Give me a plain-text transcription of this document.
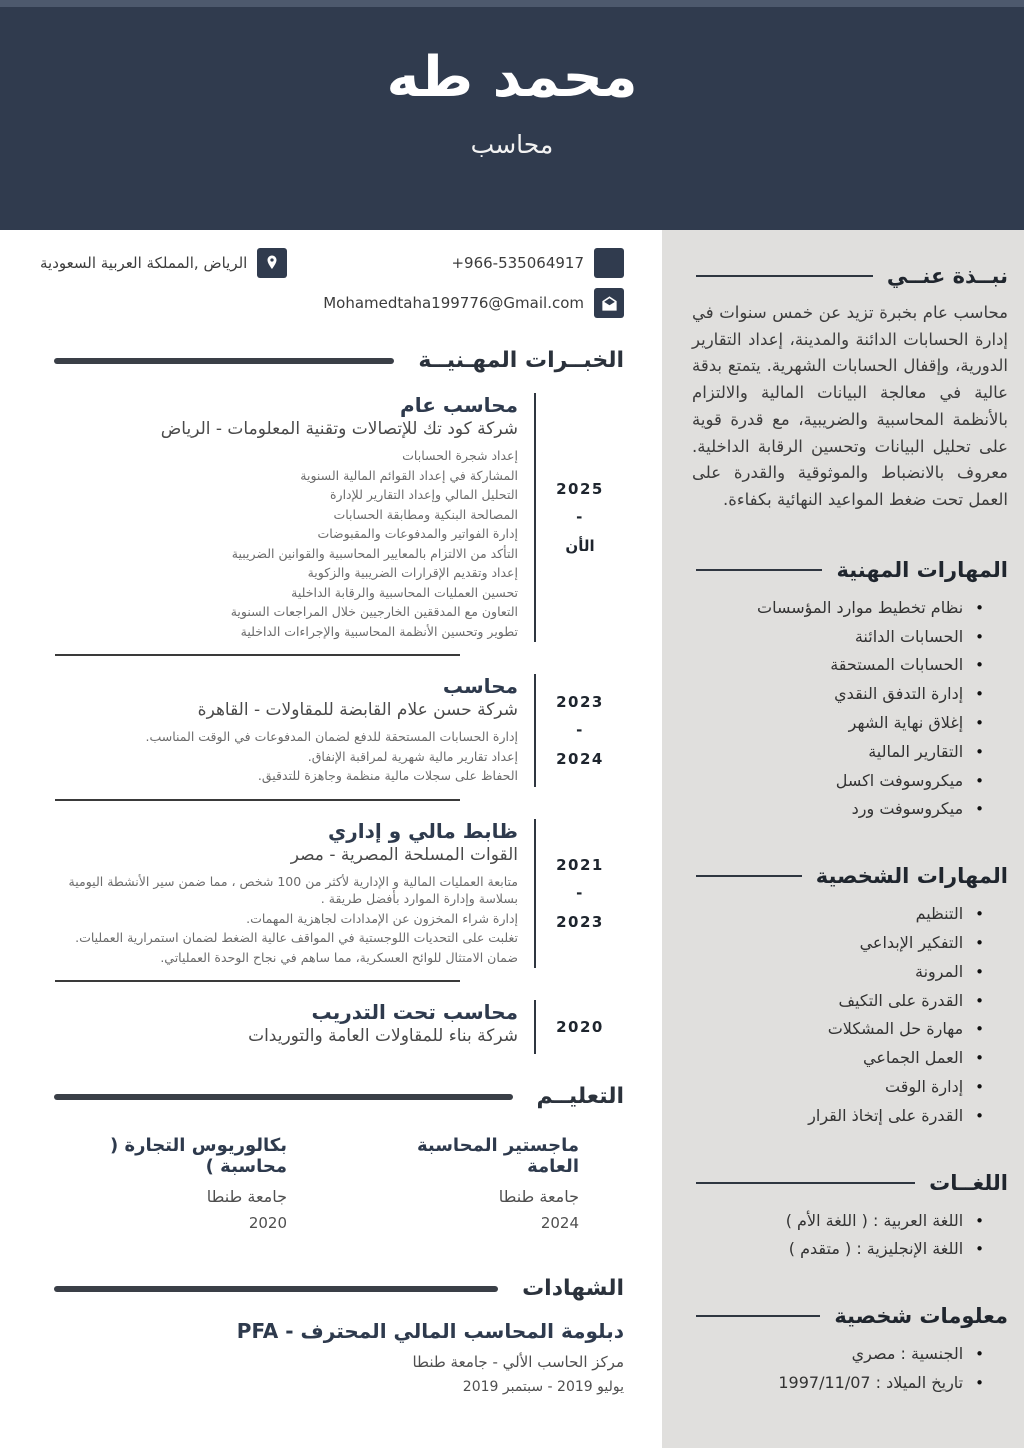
محمد طه
محاسب
+966-535064917
الرياض ,المملكة العربية السعودية
Mohamedtaha199776@Gmail.com
الخبــرات المهـنيــة
2025
-
الأن
محاسب عام
شركة كود تك للإتصالات وتقنية المعلومات - الرياض
إعداد شجرة الحسابات
المشاركة في إعداد القوائم المالية السنوية
التحليل المالي وإعداد التقارير للإدارة
المصالحة البنكية ومطابقة الحسابات
إدارة الفواتير والمدفوعات والمقبوضات
التأكد من الالتزام بالمعايير المحاسبية والقوانين الضريبية
إعداد وتقديم الإقرارات الضريبية والزكوية
تحسين العمليات المحاسبية والرقابة الداخلية
التعاون مع المدققين الخارجيين خلال المراجعات السنوية
تطوير وتحسين الأنظمة المحاسبية والإجراءات الداخلية
2023
-
2024
محاسب
شركة حسن علام القابضة للمقاولات - القاهرة
إدارة الحسابات المستحقة للدفع لضمان المدفوعات في الوقت المناسب.
إعداد تقارير مالية شهرية لمراقبة الإنفاق.
الحفاظ على سجلات مالية منظمة وجاهزة للتدقيق.
2021
-
2023
ظابط مالي و إداري
القوات المسلحة المصرية - مصر
متابعة العمليات المالية و الإدارية لأكثر من 100 شخص ، مما ضمن سير الأنشطة اليومية بسلاسة وإدارة الموارد بأفضل طريقة .
إدارة شراء المخزون عن الإمدادات لجاهزية المهمات.
تغلبت على التحديات اللوجستية في المواقف عالية الضغط لضمان استمرارية العمليات.
ضمان الامتثال للوائح العسكرية، مما ساهم في نجاح الوحدة العملياتي.
2020
محاسب تحت التدريب
شركة بناء للمقاولات العامة والتوريدات
التعليــم
ماجستير المحاسبة العامة
جامعة طنطا
2024
بكالوريوس التجارة ( محاسبة )
جامعة طنطا
2020
الشهادات
دبلومة المحاسب المالي المحترف - PFA
مركز الحاسب الألي - جامعة طنطا
يوليو 2019 - سبتمبر 2019
نبــذة عنــي

محاسب عام بخبرة تزيد عن خمس سنوات في إدارة الحسابات الدائنة والمدينة، إعداد التقارير الدورية، وإقفال الحسابات الشهرية. يتمتع بدقة عالية في معالجة البيانات المالية والالتزام بالأنظمة المحاسبية والضريبية، مع قدرة قوية على تحليل البيانات وتحسين الرقابة الداخلية. معروف بالانضباط والموثوقية والقدرة على العمل تحت ضغط المواعيد النهائية بكفاءة.

المهارات المهنية
•
نظام تخطيط موارد المؤسسات
•
الحسابات الدائنة
•
الحسابات المستحقة
•
إدارة التدفق النقدي
•
إغلاق نهاية الشهر
•
التقارير المالية
•
ميكروسوفت اكسل
•
ميكروسوفت ورد
المهارات الشخصية
•
التنظيم
•
التفكير الإبداعي
•
المرونة
•
القدرة على التكيف
•
مهارة حل المشكلات
•
العمل الجماعي
•
إدارة الوقت
•
القدرة على إتخاذ القرار
اللغــات
•
اللغة العربية : ( اللغة الأم )
•
اللغة الإنجليزية : ( متقدم )
معلومات شخصية
•
الجنسية : مصري
•
تاريخ الميلاد : 1997/11/07
